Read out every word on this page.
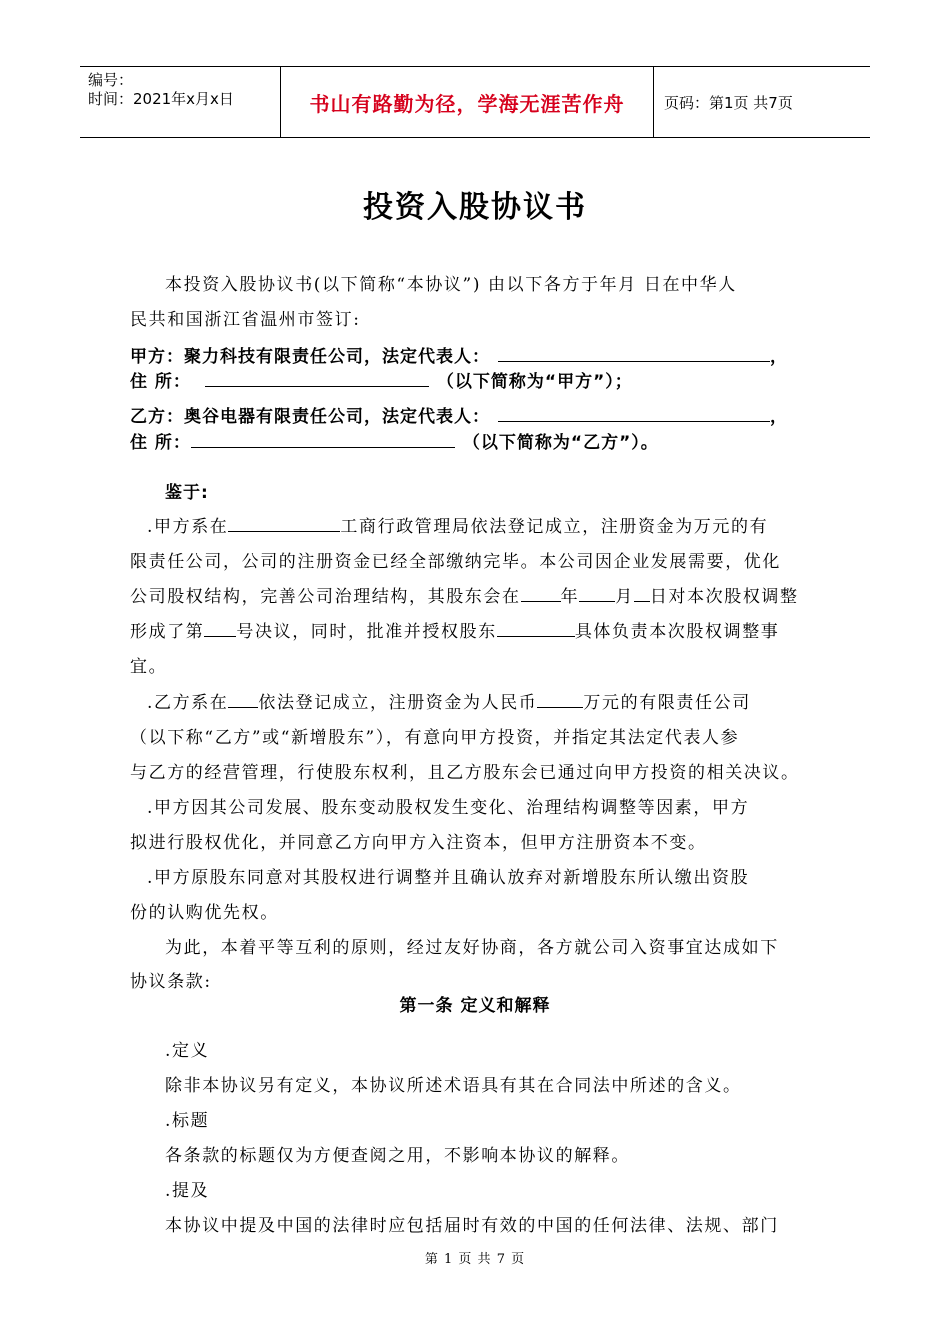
编号：
时间：2021年x月x日	书山有路勤为径，学海无涯苦作舟	页码：第1页 共7页
投资入股协议书
本投资入股协议书(以下简称“本协议”) 由以下各方于年月 日在中华人
民共和国浙江省温州市签订:
甲方：聚力科技有限责任公司，法定代表人：	，
住 所：	（以下简称为“甲方”）；
乙方：奥谷电器有限责任公司，法定代表人：	，
住 所：	（以下简称为“乙方”）。
鉴于:
.甲方系在	工商行政管理局依法登记成立，注册资金为万元的有
限责任公司，公司的注册资金已经全部缴纳完毕。本公司因企业发展需要，优化
公司股权结构，完善公司治理结构，其股东会在 年 月 日对本次股权调整
形成了第 号决议，同时，批准并授权股东	具体负责本次股权调整事
宜。
.乙方系在 依法登记成立，注册资金为人民币	万元的有限责任公司
（以下称“乙方”或“新增股东”），有意向甲方投资，并指定其法定代表人参
与乙方的经营管理，行使股东权利，且乙方股东会已通过向甲方投资的相关决议。
.甲方因其公司发展、股东变动股权发生变化、治理结构调整等因素，甲方
拟进行股权优化，并同意乙方向甲方入注资本，但甲方注册资本不变。
.甲方原股东同意对其股权进行调整并且确认放弃对新增股东所认缴出资股
份的认购优先权。
为此，本着平等互利的原则，经过友好协商，各方就公司入资事宜达成如下
协议条款:
第一条 定义和解释
.定义
除非本协议另有定义，本协议所述术语具有其在合同法中所述的含义。
.标题
各条款的标题仅为方便查阅之用，不影响本协议的解释。
.提及
本协议中提及中国的法律时应包括届时有效的中国的任何法律、法规、部门
第 1 页 共 7 页
